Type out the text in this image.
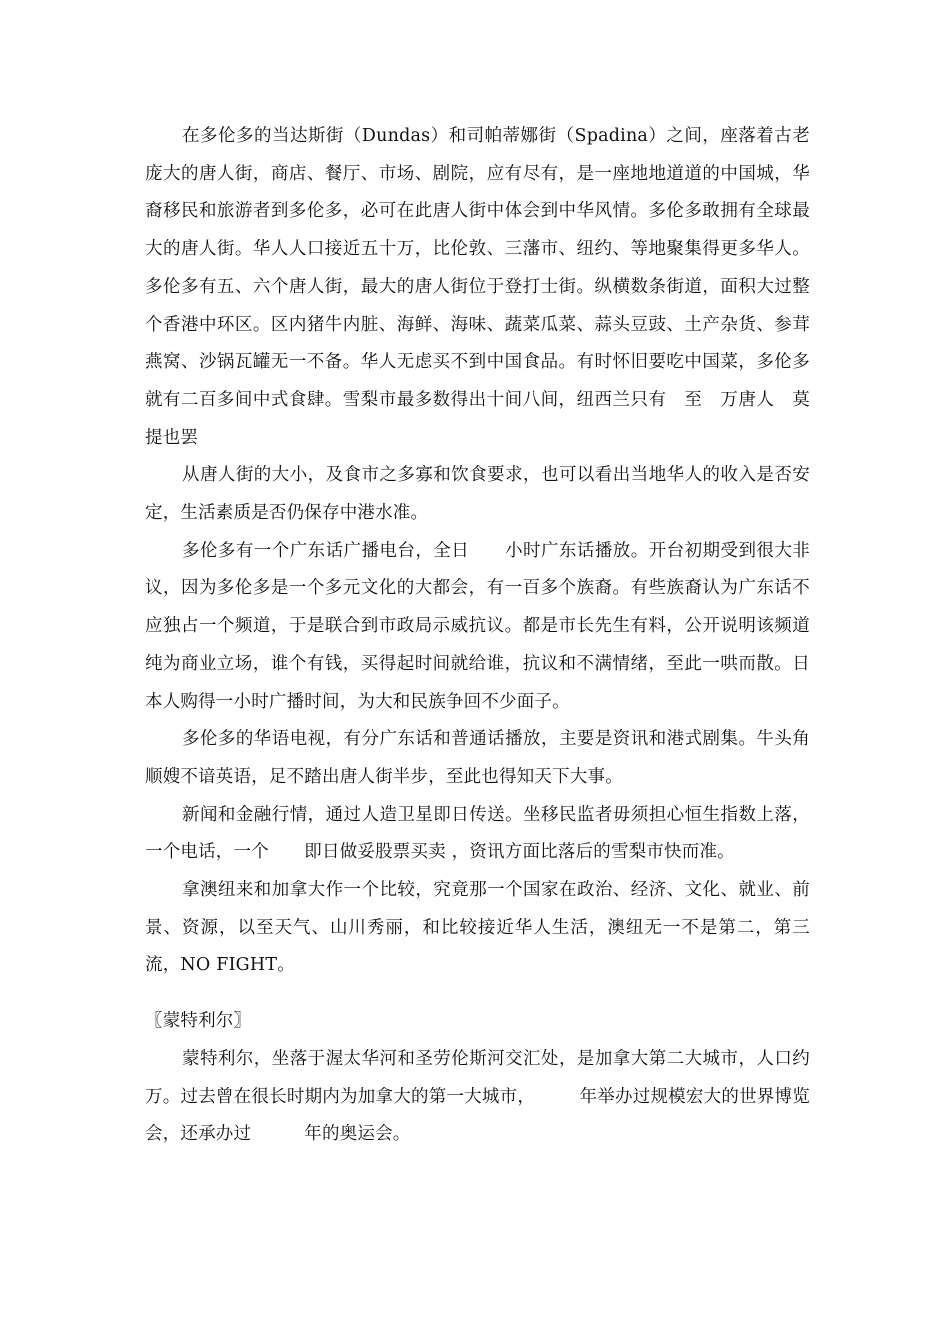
在多伦多的当达斯街（Dundas）和司帕蒂娜街（Spadina）之间，座落着古老庞大的唐人街，商店、餐厅、市场、剧院，应有尽有，是一座地地道道的中国城，华裔移民和旅游者到多伦多，必可在此唐人街中体会到中华风情。多伦多敢拥有全球最大的唐人街。华人人口接近五十万，比伦敦、三藩市、纽约、等地聚集得更多华人。多伦多有五、六个唐人街，最大的唐人街位于登打士街。纵横数条街道，面积大过整个香港中环区。区内猪牛内脏、海鲜、海味、蔬菜瓜菜、蒜头豆豉、土产杂货、参茸燕窝、沙锅瓦罐无一不备。华人无虑买不到中国食品。有时怀旧要吃中国菜，多伦多就有二百多间中式食肆。雪梨市最多数得出十间八间，纽西兰只有　至　万唐人　莫提也罢

从唐人街的大小，及食市之多寡和饮食要求，也可以看出当地华人的收入是否安定，生活素质是否仍保存中港水准。

多伦多有一个广东话广播电台，全日　　小时广东话播放。开台初期受到很大非议，因为多伦多是一个多元文化的大都会，有一百多个族裔。有些族裔认为广东话不应独占一个频道，于是联合到市政局示威抗议。都是市长先生有料，公开说明该频道纯为商业立场，谁个有钱，买得起时间就给谁，抗议和不满情绪，至此一哄而散。日本人购得一小时广播时间，为大和民族争回不少面子。

多伦多的华语电视，有分广东话和普通话播放，主要是资讯和港式剧集。牛头角顺嫂不谙英语，足不踏出唐人街半步，至此也得知天下大事。

新闻和金融行情，通过人造卫星即日传送。坐移民监者毋须担心恒生指数上落，一个电话，一个　　即日做妥股票买卖 ，资讯方面比落后的雪梨市快而准。

拿澳纽来和加拿大作一个比较，究竟那一个国家在政治、经济、文化、就业、前景、资源，以至天气、山川秀丽，和比较接近华人生活，澳纽无一不是第二，第三流，NO FIGHT。

〖蒙特利尔〗

蒙特利尔，坐落于渥太华河和圣劳伦斯河交汇处，是加拿大第二大城市，人口约　　万。过去曾在很长时期内为加拿大的第一大城市，　　　年举办过规模宏大的世界博览会，还承办过　　　年的奥运会。
